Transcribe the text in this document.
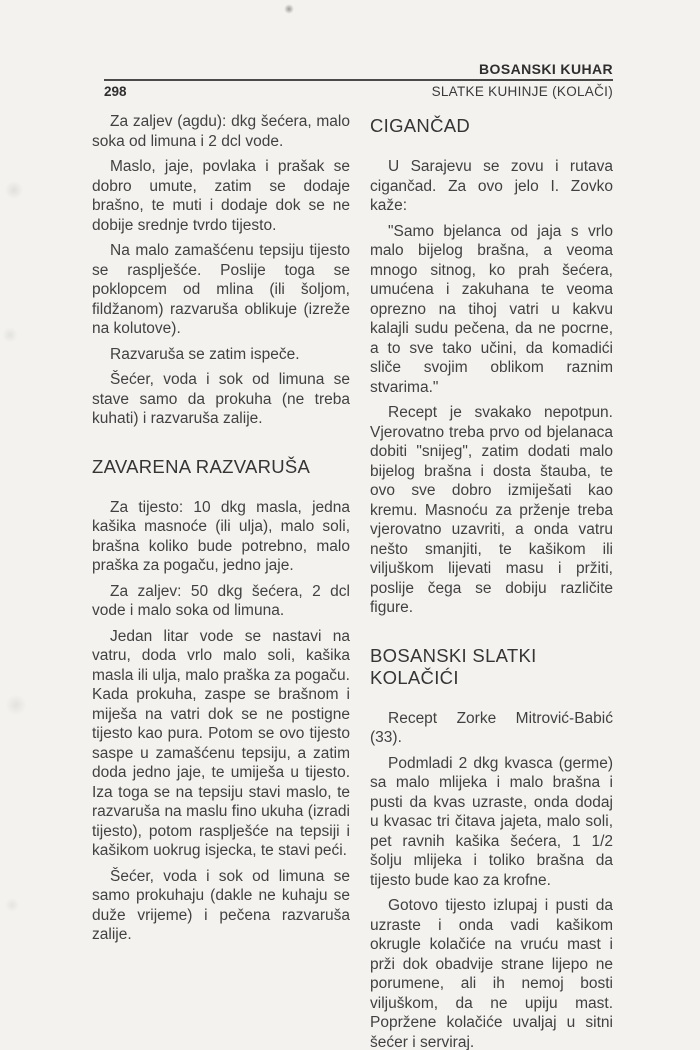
BOSANSKI KUHAR
298	SLATKE KUHINJE (KOLAČI)

Za zaljev (agdu): dkg šećera, malo soka od limuna i 2 dcl vode.

Maslo, jaje, povlaka i prašak se dobro umute, zatim se dodaje brašno, te muti i dodaje dok se ne dobije srednje tvrdo tijesto.

Na malo zamašćenu tepsiju tijesto se rasplješće. Poslije toga se poklopcem od mlina (ili šoljom, fildžanom) razvaruša oblikuje (izreže na kolutove).

Razvaruša se zatim ispeče.

Šećer, voda i sok od limuna se stave samo da prokuha (ne treba kuhati) i razvaruša zalije.

ZAVARENA RAZVARUŠA

Za tijesto: 10 dkg masla, jedna kašika masnoće (ili ulja), malo soli, brašna koliko bude potrebno, malo praška za pogaču, jedno jaje.

Za zaljev: 50 dkg šećera, 2 dcl vode i malo soka od limuna.

Jedan litar vode se nastavi na vatru, doda vrlo malo soli, kašika masla ili ulja, malo praška za pogaču. Kada prokuha, zaspe se brašnom i miješa na vatri dok se ne postigne tijesto kao pura. Potom se ovo tijesto saspe u zamašćenu tepsiju, a zatim doda jedno jaje, te umiješa u tijesto. Iza toga se na tepsiju stavi maslo, te razvaruša na maslu fino ukuha (izradi tijesto), potom rasplješće na tepsiji i kašikom uokrug isjecka, te stavi peći.

Šećer, voda i sok od limuna se samo prokuhaju (dakle ne kuhaju se duže vrijeme) i pečena razvaruša zalije.

CIGANČAD

U Sarajevu se zovu i rutava cigančad. Za ovo jelo I. Zovko kaže:

"Samo bjelanca od jaja s vrlo malo bijelog brašna, a veoma mnogo sitnog, ko prah šećera, umućena i zakuhana te veoma oprezno na tihoj vatri u kakvu kalajli sudu pečena, da ne pocrne, a to sve tako učini, da komadići sliče svojim oblikom raznim stvarima."

Recept je svakako nepotpun. Vjerovatno treba prvo od bjelanaca dobiti "snijeg", zatim dodati malo bijelog brašna i dosta štauba, te ovo sve dobro izmiješati kao kremu. Masnoću za prženje treba vjerovatno uzavriti, a onda vatru nešto smanjiti, te kašikom ili viljuškom lijevati masu i pržiti, poslije čega se dobiju različite figure.

BOSANSKI SLATKI KOLAČIĆI

Recept Zorke Mitrović-Babić (33).

Podmladi 2 dkg kvasca (germe) sa malo mlijeka i malo brašna i pusti da kvas uzraste, onda dodaj u kvasac tri čitava jajeta, malo soli, pet ravnih kašika šećera, 1 1/2 šolju mlijeka i toliko brašna da tijesto bude kao za krofne.

Gotovo tijesto izlupaj i pusti da uzraste i onda vadi kašikom okrugle kolačiće na vruću mast i prži dok obadvije strane lijepo ne porumene, ali ih nemoj bosti viljuškom, da ne upiju mast. Popržene kolačiće uvaljaj u sitni šećer i serviraj.
